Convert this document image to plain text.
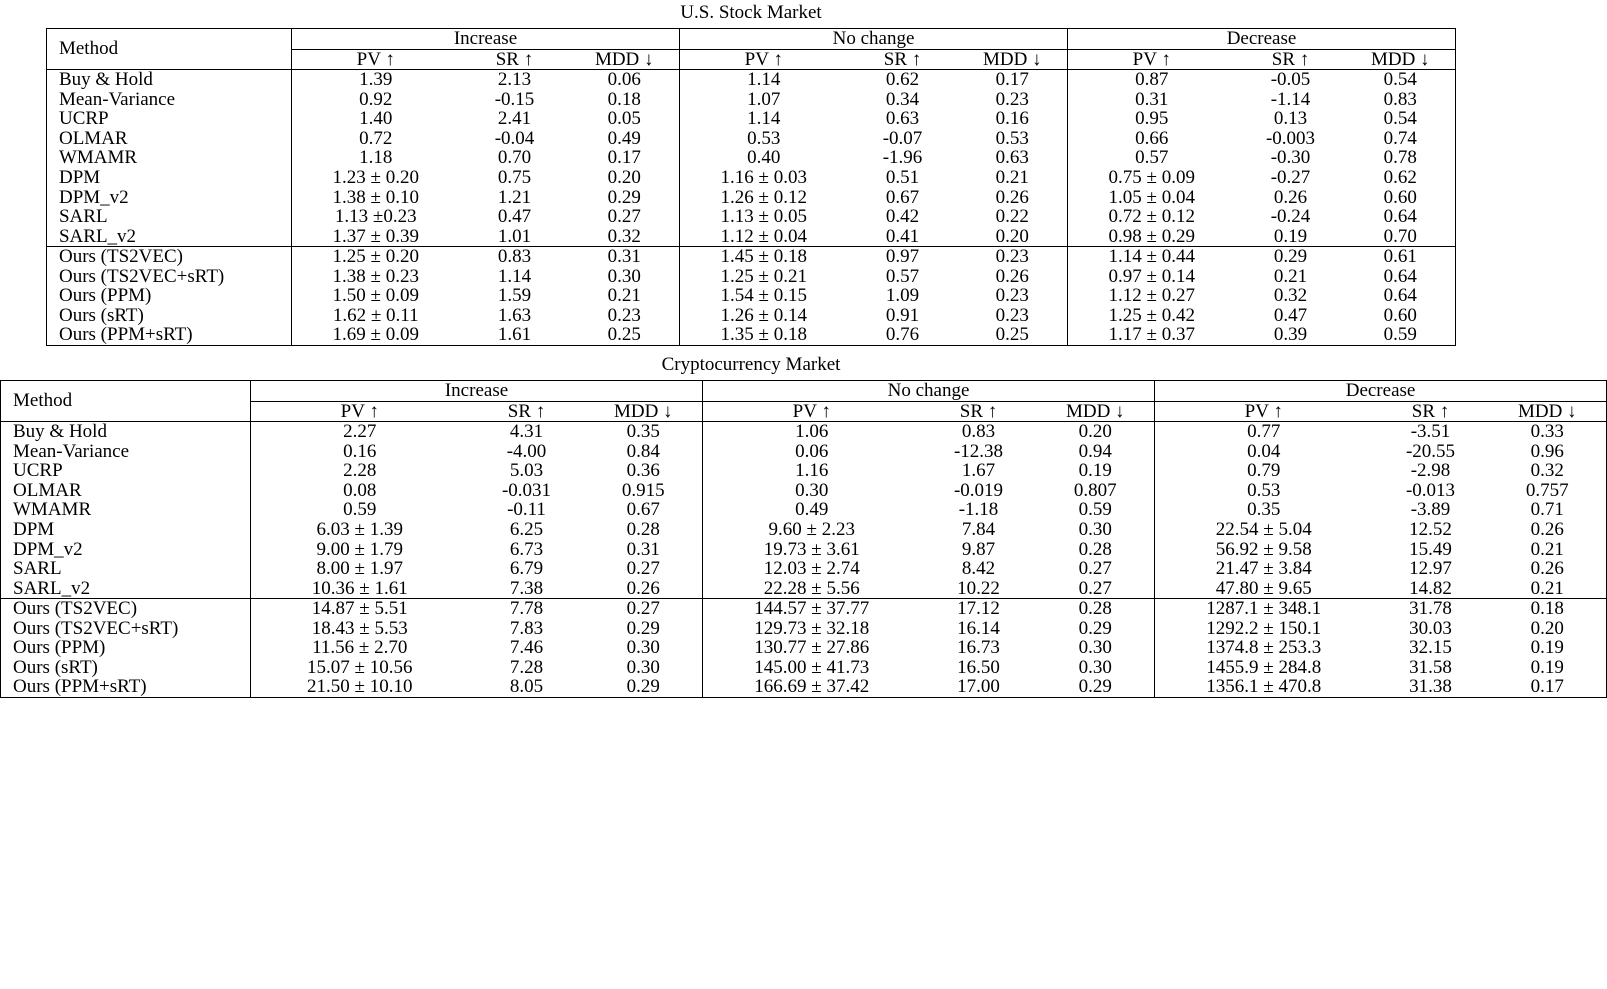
U.S. Stock Market
Method	Increase			No change			Decrease		
	PV ↑	SR ↑	MDD ↓	PV ↑	SR ↑	MDD ↓	PV ↑	SR ↑	MDD ↓
Buy & Hold	1.39	2.13	0.06	1.14	0.62	0.17	0.87	-0.05	0.54
Mean-Variance	0.92	-0.15	0.18	1.07	0.34	0.23	0.31	-1.14	0.83
UCRP	1.40	2.41	0.05	1.14	0.63	0.16	0.95	0.13	0.54
OLMAR	0.72	-0.04	0.49	0.53	-0.07	0.53	0.66	-0.003	0.74
WMAMR	1.18	0.70	0.17	0.40	-1.96	0.63	0.57	-0.30	0.78
DPM	1.23 ± 0.20	0.75	0.20	1.16 ± 0.03	0.51	0.21	0.75 ± 0.09	-0.27	0.62
DPM_v2	1.38 ± 0.10	1.21	0.29	1.26 ± 0.12	0.67	0.26	1.05 ± 0.04	0.26	0.60
SARL	1.13 ±0.23	0.47	0.27	1.13 ± 0.05	0.42	0.22	0.72 ± 0.12	-0.24	0.64
SARL_v2	1.37 ± 0.39	1.01	0.32	1.12 ± 0.04	0.41	0.20	0.98 ± 0.29	0.19	0.70
Ours (TS2VEC)	1.25 ± 0.20	0.83	0.31	1.45 ± 0.18	0.97	0.23	1.14 ± 0.44	0.29	0.61
Ours (TS2VEC+sRT)	1.38 ± 0.23	1.14	0.30	1.25 ± 0.21	0.57	0.26	0.97 ± 0.14	0.21	0.64
Ours (PPM)	1.50 ± 0.09	1.59	0.21	1.54 ± 0.15	1.09	0.23	1.12 ± 0.27	0.32	0.64
Ours (sRT)	1.62 ± 0.11	1.63	0.23	1.26 ± 0.14	0.91	0.23	1.25 ± 0.42	0.47	0.60
Ours (PPM+sRT)	1.69 ± 0.09	1.61	0.25	1.35 ± 0.18	0.76	0.25	1.17 ± 0.37	0.39	0.59
Cryptocurrency Market
Method	Increase			No change			Decrease		
	PV ↑	SR ↑	MDD ↓	PV ↑	SR ↑	MDD ↓	PV ↑	SR ↑	MDD ↓
Buy & Hold	2.27	4.31	0.35	1.06	0.83	0.20	0.77	-3.51	0.33
Mean-Variance	0.16	-4.00	0.84	0.06	-12.38	0.94	0.04	-20.55	0.96
UCRP	2.28	5.03	0.36	1.16	1.67	0.19	0.79	-2.98	0.32
OLMAR	0.08	-0.031	0.915	0.30	-0.019	0.807	0.53	-0.013	0.757
WMAMR	0.59	-0.11	0.67	0.49	-1.18	0.59	0.35	-3.89	0.71
DPM	6.03 ± 1.39	6.25	0.28	9.60 ± 2.23	7.84	0.30	22.54 ± 5.04	12.52	0.26
DPM_v2	9.00 ± 1.79	6.73	0.31	19.73 ± 3.61	9.87	0.28	56.92 ± 9.58	15.49	0.21
SARL	8.00 ± 1.97	6.79	0.27	12.03 ± 2.74	8.42	0.27	21.47 ± 3.84	12.97	0.26
SARL_v2	10.36 ± 1.61	7.38	0.26	22.28 ± 5.56	10.22	0.27	47.80 ± 9.65	14.82	0.21
Ours (TS2VEC)	14.87 ± 5.51	7.78	0.27	144.57 ± 37.77	17.12	0.28	1287.1 ± 348.1	31.78	0.18
Ours (TS2VEC+sRT)	18.43 ± 5.53	7.83	0.29	129.73 ± 32.18	16.14	0.29	1292.2 ± 150.1	30.03	0.20
Ours (PPM)	11.56 ± 2.70	7.46	0.30	130.77 ± 27.86	16.73	0.30	1374.8 ± 253.3	32.15	0.19
Ours (sRT)	15.07 ± 10.56	7.28	0.30	145.00 ± 41.73	16.50	0.30	1455.9 ± 284.8	31.58	0.19
Ours (PPM+sRT)	21.50 ± 10.10	8.05	0.29	166.69 ± 37.42	17.00	0.29	1356.1 ± 470.8	31.38	0.17
